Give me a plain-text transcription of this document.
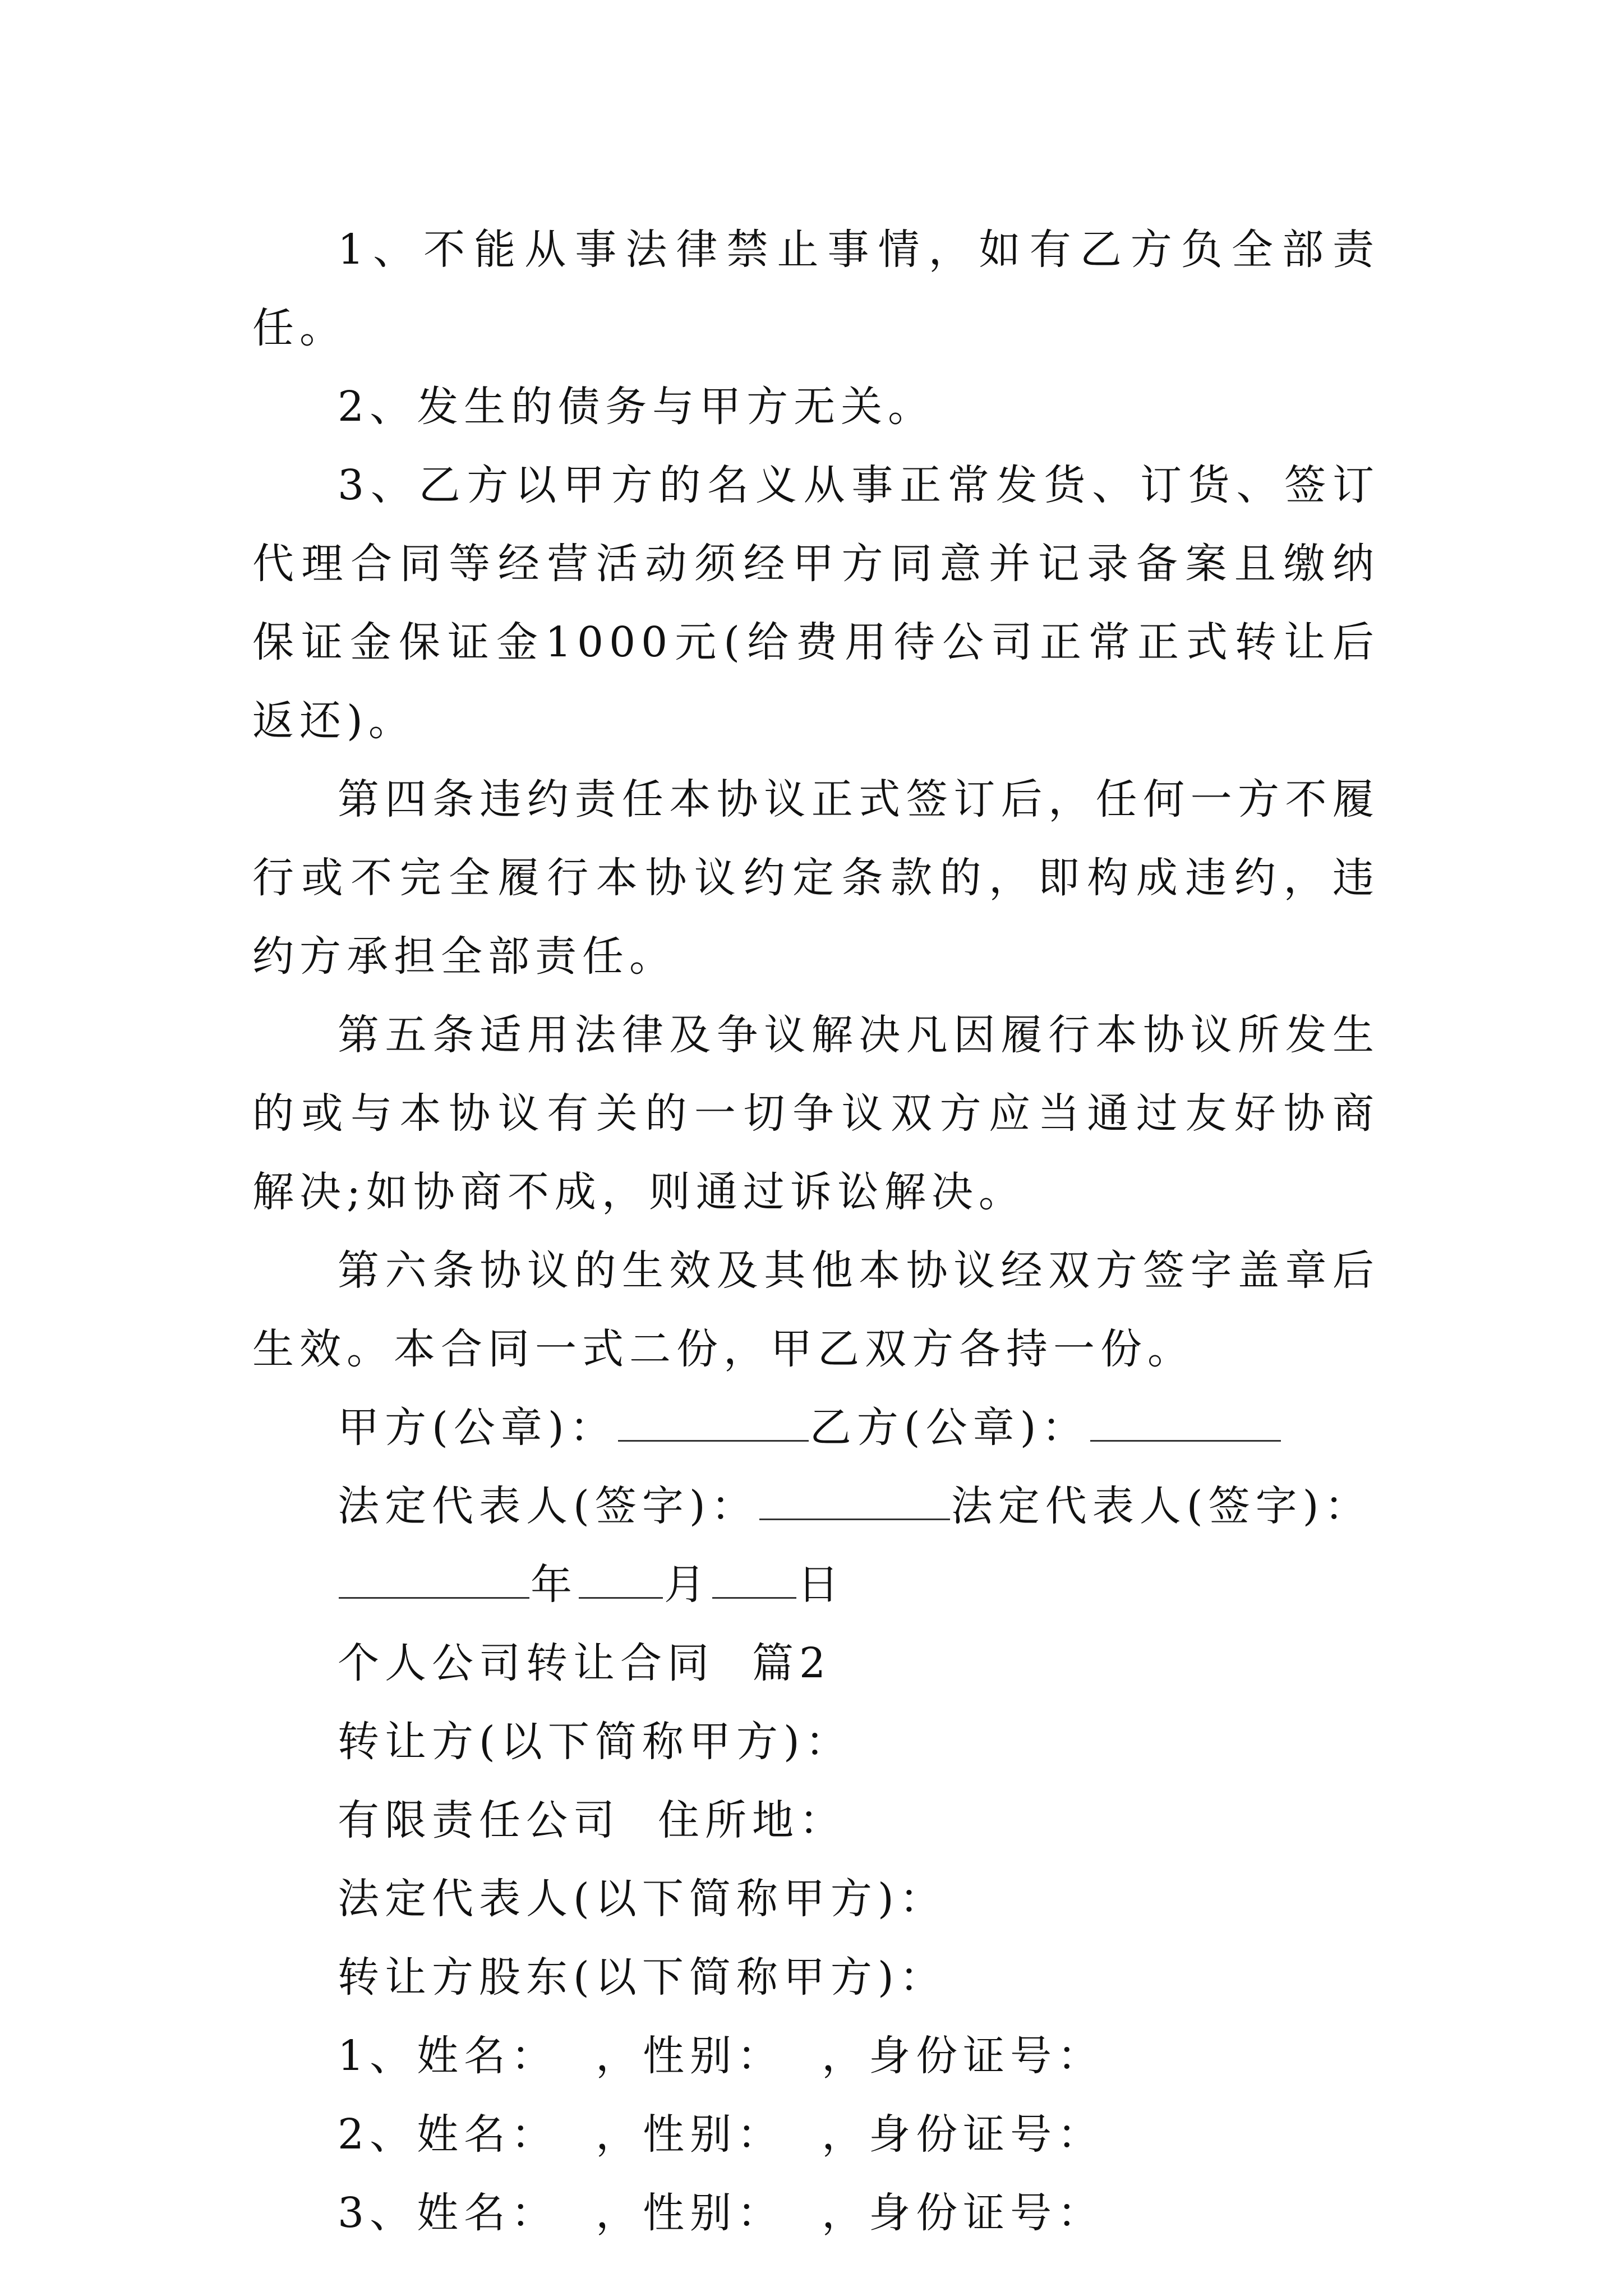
1、不能从事法律禁止事情，如有乙方负全部责任。

2、发生的债务与甲方无关。

3、乙方以甲方的名义从事正常发货、订货、签订代理合同等经营活动须经甲方同意并记录备案且缴纳保证金保证金1000元(给费用待公司正常正式转让后返还)。

第四条违约责任本协议正式签订后，任何一方不履行或不完全履行本协议约定条款的，即构成违约，违约方承担全部责任。

第五条适用法律及争议解决凡因履行本协议所发生的或与本协议有关的一切争议双方应当通过友好协商解决;如协商不成，则通过诉讼解决。

第六条协议的生效及其他本协议经双方签字盖章后生效。本合同一式二份，甲乙双方各持一份。

甲方(公章)：	乙方(公章)：
法定代表人(签字)：	法定代表人(签字)：
年 月 日
个人公司转让合同  篇2
转让方(以下简称甲方)：
有限责任公司  住所地：
法定代表人(以下简称甲方)：
转让方股东(以下简称甲方)：
1、姓名：  ，性别：  ，身份证号：
2、姓名：  ，性别：  ，身份证号：
3、姓名：  ，性别：  ，身份证号：
